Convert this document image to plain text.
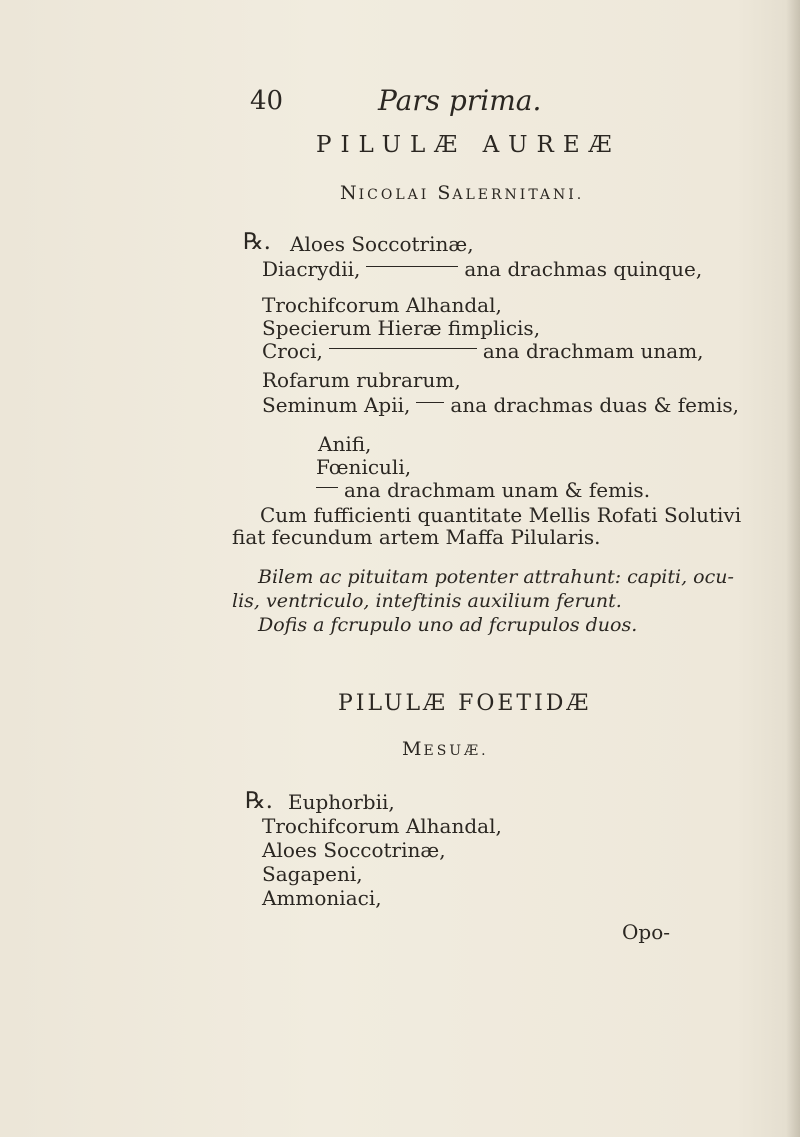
40	Pars prima.
PILULÆ AUREÆ
NICOLAI SALERNITANI.
℞. Aloes Soccotrinæ,
Diacrydii,	ana drachmas quinque,
Trochifcorum Alhandal,
Specierum Hieræ fimplicis,
Croci,	ana drachmam unam,
Rofarum rubrarum,
Seminum Apii, ana drachmas duas & femis,
Anifi,
Fœniculi,
ana drachmam unam & femis.
Cum fufficienti quantitate Mellis Rofati Solutivi
fiat fecundum artem Maffa Pilularis.
Bilem ac pituitam potenter attrahunt: capiti, ocu-
lis, ventriculo, inteftinis auxilium ferunt.
Dofis a fcrupulo uno ad fcrupulos duos.
PILULÆ FOETIDÆ
MESUÆ.
℞. Euphorbii,
Trochifcorum Alhandal,
Aloes Soccotrinæ,
Sagapeni,
Ammoniaci,
Opo-
